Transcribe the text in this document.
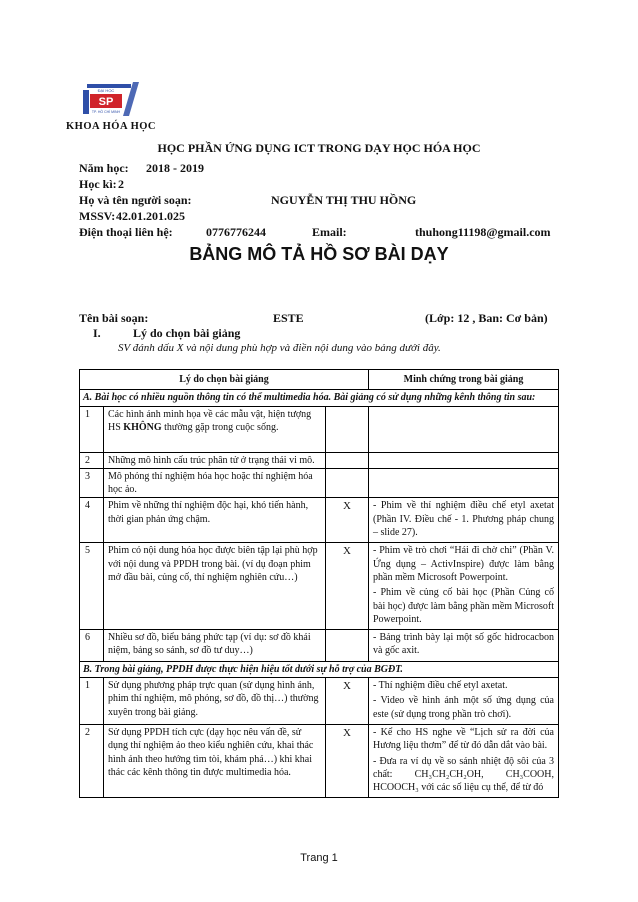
SP
ĐẠI HỌC
TP. HỒ CHÍ MINH
KHOA HÓA HỌC
HỌC PHẦN ỨNG DỤNG ICT TRONG DẠY HỌC HÓA HỌC
Năm học: 2018 - 2019
Học kì: 2
Họ và tên người soạn:	NGUYỄN THỊ THU HỒNG
MSSV: 42.01.201.025
Điện thoại liên hệ:	0776776244	Email:	thuhong11198@gmail.com
BẢNG MÔ TẢ HỒ SƠ BÀI DẠY
Tên bài soạn:	ESTE	(Lớp: 12 , Ban: Cơ bản)
I.	Lý do chọn bài giảng
SV đánh dấu X và nội dung phù hợp và điền nội dung vào bảng dưới đây.
Lý do chọn bài giảng			Minh chứng trong bài giảng
A. Bài học có nhiều nguồn thông tin có thể multimedia hóa. Bài giảng có sử dụng những kênh thông tin sau:			
1	Các hình ảnh minh họa về các mẫu vật, hiện tượng HS KHÔNG thường gặp trong cuộc sống.		
2	Những mô hình cấu trúc phân tử ở trạng thái vi mô.		
3	Mô phỏng thí nghiệm hóa học hoặc thí nghiệm hóa học ảo.		
4	Phim về những thí nghiệm độc hại, khó tiến hành, thời gian phản ứng chậm.	X	- Phim về thí nghiệm điều chế etyl axetat (Phần IV. Điều chế - 1. Phương pháp chung – slide 27).

5	Phim có nội dung hóa học được biên tập lại phù hợp với nội dung và PPDH trong bài. (ví dụ đoạn phim mở đầu bài, củng cố, thí nghiệm nghiên cứu…)	X	- Phim về trò chơi “Hái đi chờ chi” (Phần V. Ứng dụng – ActivInspire) được làm bằng phần mềm Microsoft Powerpoint.

- Phim về củng cố bài học (Phần Củng cố bài học) được làm bằng phần mềm Microsoft Powerpoint.

6	Nhiều sơ đồ, biểu bảng phức tạp (ví dụ: sơ đồ khái niệm, bảng so sánh, sơ đồ tư duy…)		- Bảng trình bày lại một số gốc hidrocacbon và gốc axit.

B. Trong bài giảng, PPDH được thực hiện hiệu tốt dưới sự hỗ trợ của BGĐT.			
1	Sử dụng phương pháp trực quan (sử dụng hình ảnh, phim thí nghiệm, mô phỏng, sơ đồ, đồ thị…) thường xuyên trong bài giảng.	X	- Thí nghiệm điều chế etyl axetat.

- Video về hình ảnh một số ứng dụng của este (sử dụng trong phần trò chơi).

2	Sử dụng PPDH tích cực (dạy học nêu vấn đề, sử dụng thí nghiệm ảo theo kiểu nghiên cứu, khai thác hình ảnh theo hướng tìm tòi, khám phá…) khi khai thác các kênh thông tin được multimedia hóa.	X	- Kể cho HS nghe về “Lịch sử ra đời của Hương liệu thơm” để từ đó dẫn dắt vào bài.

- Đưa ra ví dụ về so sánh nhiệt độ sôi của 3 chất: CH₃CH₂CH₂OH, CH₃COOH, HCOOCH₃ với các số liệu cụ thể, để từ đó

Trang 1
